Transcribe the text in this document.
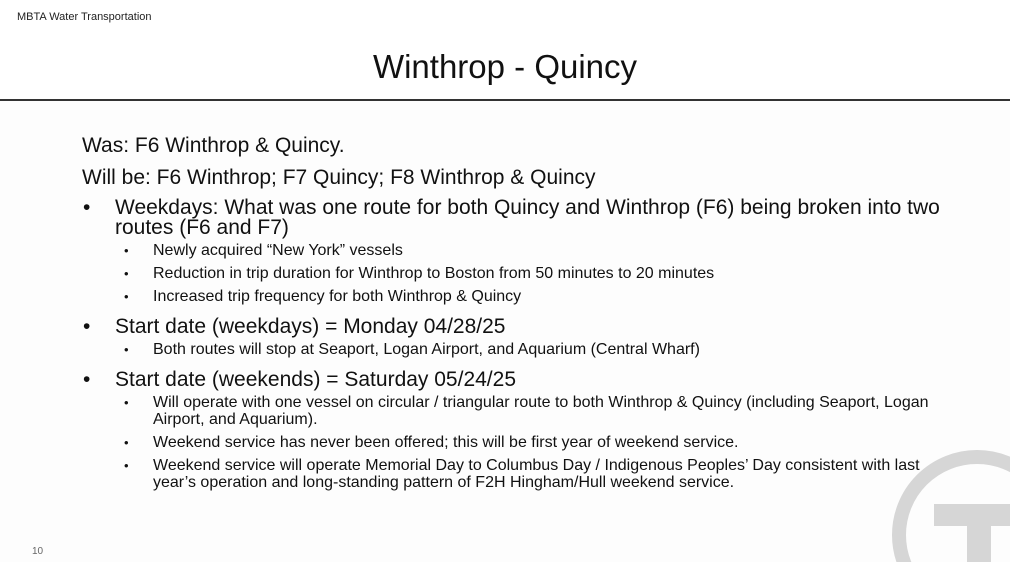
MBTA Water Transportation
Winthrop - Quincy
Was: F6 Winthrop & Quincy.
Will be: F6 Winthrop; F7 Quincy; F8 Winthrop & Quincy
• Weekdays: What was one route for both Quincy and Winthrop (F6) being broken into two routes (F6 and F7)
• Newly acquired “New York” vessels
• Reduction in trip duration for Winthrop to Boston from 50 minutes to 20 minutes
• Increased trip frequency for both Winthrop & Quincy
• Start date (weekdays) = Monday 04/28/25
• Both routes will stop at Seaport, Logan Airport, and Aquarium (Central Wharf)
• Start date (weekends) = Saturday 05/24/25
• Will operate with one vessel on circular / triangular route to both Winthrop & Quincy (including Seaport, Logan Airport, and Aquarium).
• Weekend service has never been offered; this will be first year of weekend service.
• Weekend service will operate Memorial Day to Columbus Day / Indigenous Peoples’ Day consistent with last year’s operation and long-standing pattern of F2H Hingham/Hull weekend service.
10
